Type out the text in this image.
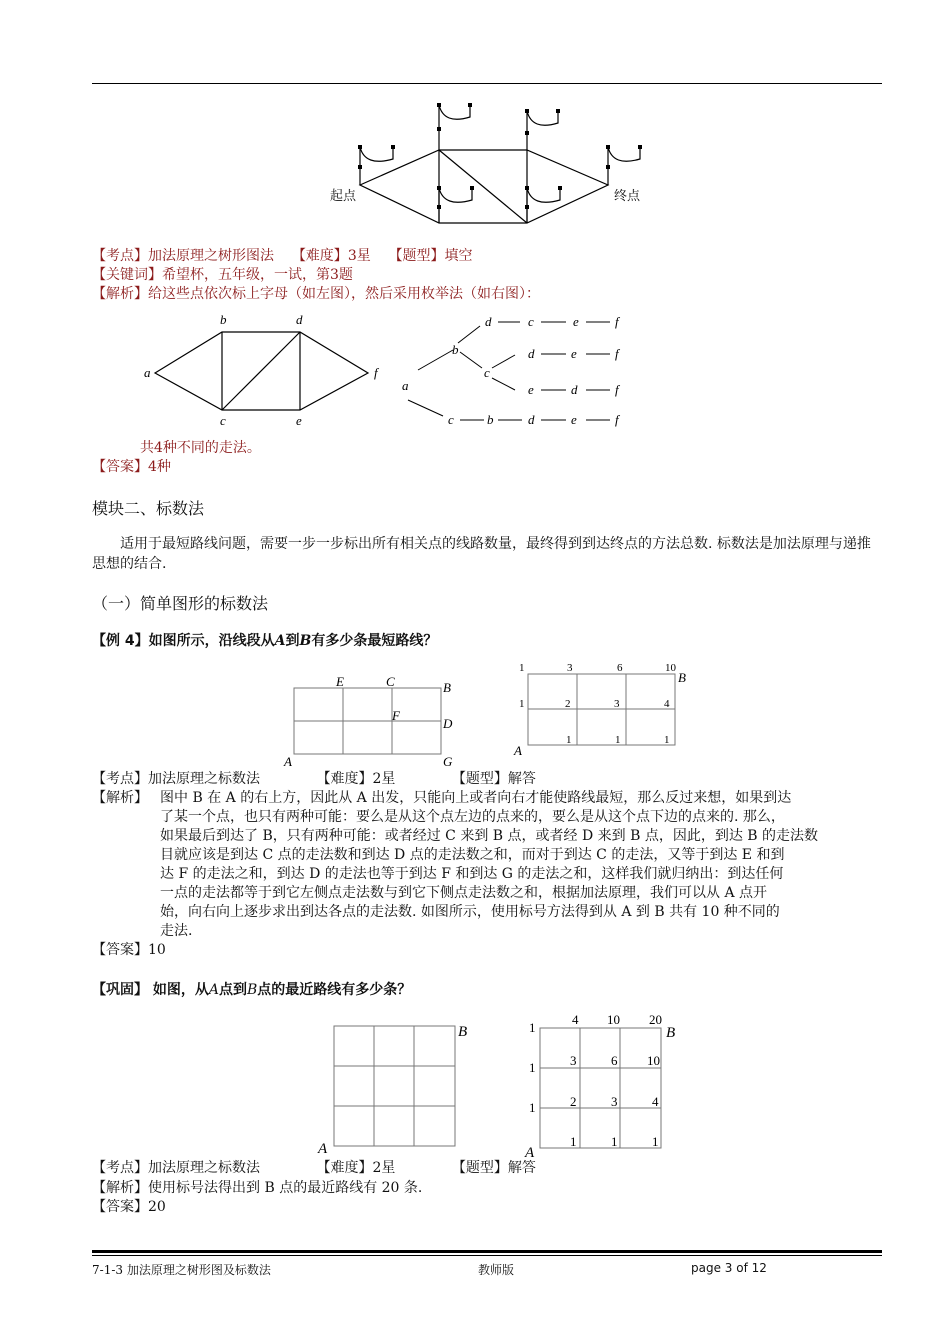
起点	终点
【考点】加法原理之树形图法 【难度】3星 【题型】填空
【关键词】希望杯，五年级，一试，第3题
【解析】给这些点依次标上字母（如左图），然后采用枚举法（如右图）：
a
b
c
d
e
f
a
b
d	c	e	f
c
d	e	f
e	d	f
c	b	d	e	f
共4种不同的走法。
【答案】4种
模块二、标数法
适用于最短路线问题，需要一步一步标出所有相关点的线路数量，最终得到到达终点的方法总数. 标数法是加法原理与递推思想的结合.
（一）简单图形的标数法
【例 4】如图所示，沿线段从A到B有多少条最短路线？
E	C	B
F
D
A	G
1	3	6	10
1	2	3	4
1	1	1
B
A
【考点】加法原理之标数法	【难度】2星	【题型】解答
【解析】 图中 B 在 A 的右上方，因此从 A 出发，只能向上或者向右才能使路线最短，那么反过来想，如果到达
了某一个点，也只有两种可能：要么是从这个点左边的点来的，要么是从这个点下边的点来的. 那么，
如果最后到达了 B，只有两种可能：或者经过 C 来到 B 点，或者经 D 来到 B 点，因此，到达 B 的走法数
目就应该是到达 C 点的走法数和到达 D 点的走法数之和，而对于到达 C 的走法，又等于到达 E 和到
达 F 的走法之和，到达 D 的走法也等于到达 F 和到达 G 的走法之和，这样我们就归纳出：到达任何
一点的走法都等于到它左侧点走法数与到它下侧点走法数之和，根据加法原理，我们可以从 A 点开
始，向右向上逐步求出到达各点的走法数. 如图所示，使用标号方法得到从 A 到 B 共有 10 种不同的
走法.
【答案】10
【巩固】 如图，从A点到B点的最近路线有多少条？
B
A
1
4 10 20
1	3	6 10
1	2	3	4
1	1	1
B
A
【考点】加法原理之标数法	【难度】2星	【题型】解答
【解析】使用标号法得出到 B 点的最近路线有 20 条.
【答案】20
7-1-3 加法原理之树形图及标数法	教师版	page 3 of 12
